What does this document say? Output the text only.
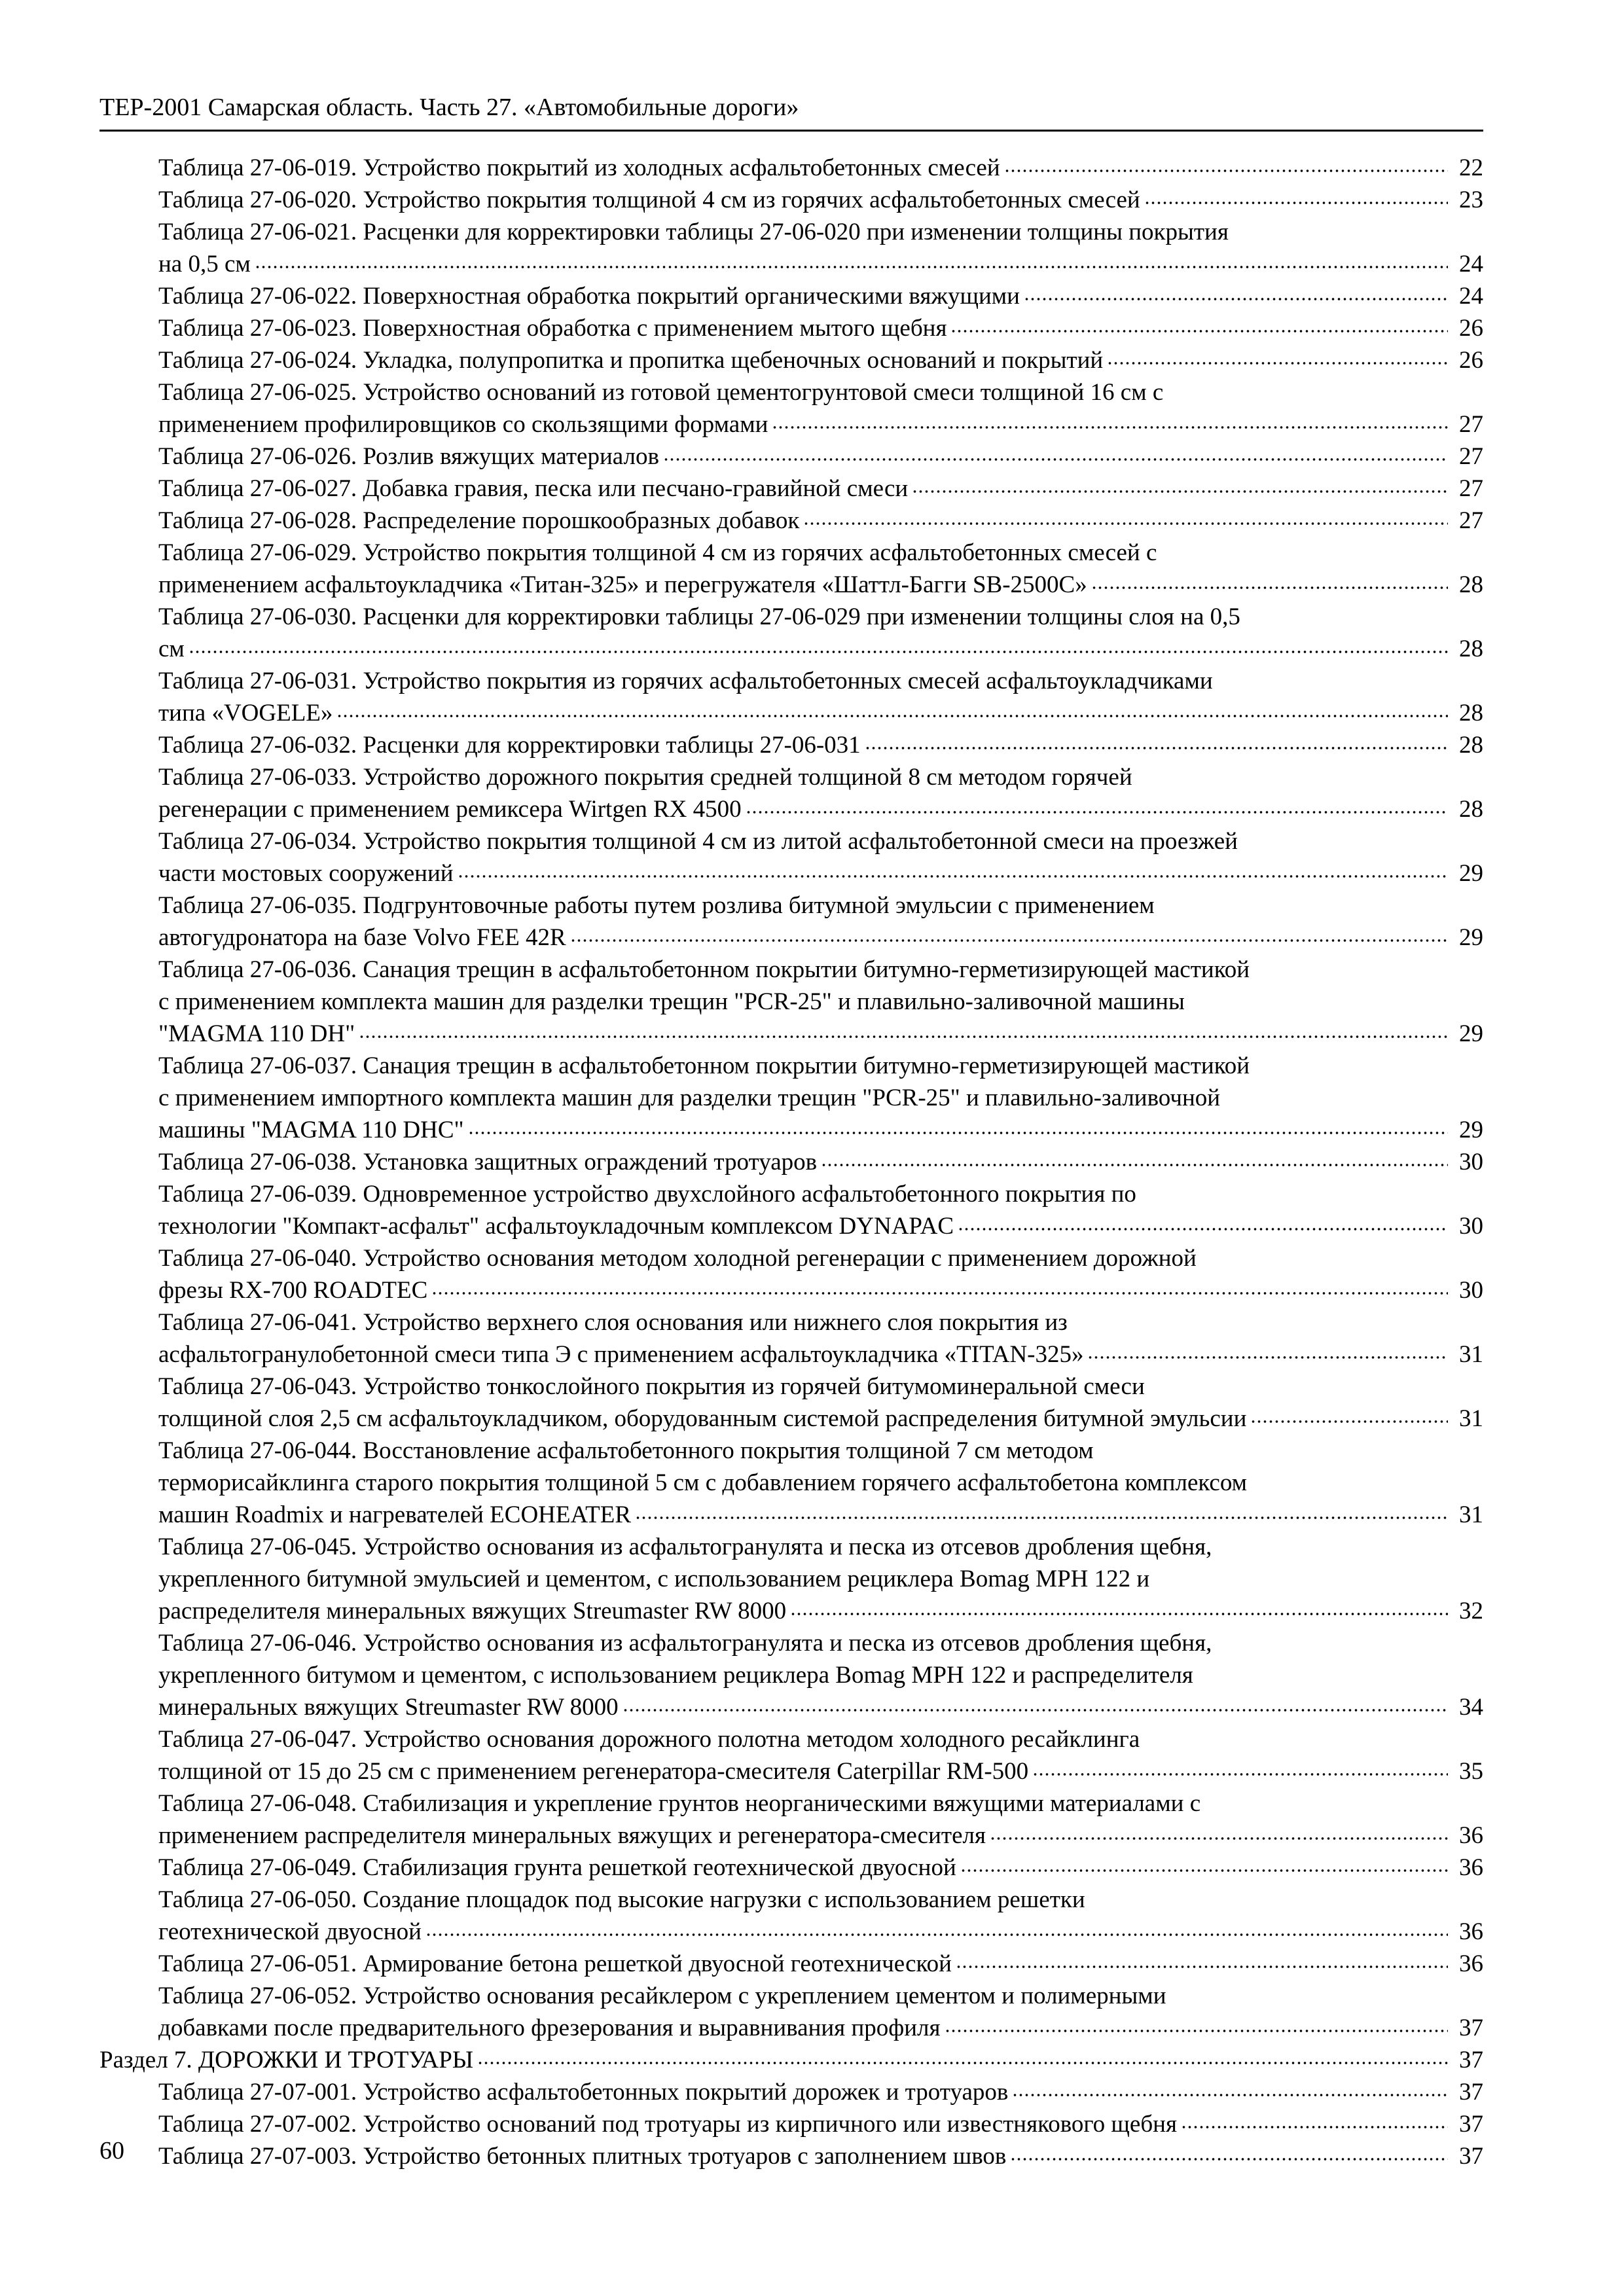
ТЕР-2001 Самарская область. Часть 27. «Автомобильные дороги»
Таблица 27-06-019. Устройство покрытий из холодных асфальтобетонных смесей	22
Таблица 27-06-020. Устройство покрытия толщиной 4 см из горячих асфальтобетонных смесей	23
Таблица 27-06-021. Расценки для корректировки таблицы 27-06-020 при изменении толщины покрытия
на 0,5 см	24
Таблица 27-06-022. Поверхностная обработка покрытий органическими вяжущими	24
Таблица 27-06-023. Поверхностная обработка с применением мытого щебня	26
Таблица 27-06-024. Укладка, полупропитка и пропитка щебеночных оснований и покрытий	26
Таблица 27-06-025. Устройство оснований из готовой цементогрунтовой смеси толщиной 16 см с
применением профилировщиков со скользящими формами	27
Таблица 27-06-026. Розлив вяжущих материалов	27
Таблица 27-06-027. Добавка гравия, песка или песчано-гравийной смеси	27
Таблица 27-06-028. Распределение порошкообразных добавок	27
Таблица 27-06-029. Устройство покрытия толщиной 4 см из горячих асфальтобетонных смесей с
применением асфальтоукладчика «Титан-325» и перегружателя «Шаттл-Багги SB-2500C»	28
Таблица 27-06-030. Расценки для корректировки таблицы 27-06-029 при изменении толщины слоя на 0,5
см	28
Таблица 27-06-031. Устройство покрытия из горячих асфальтобетонных смесей асфальтоукладчиками
типа «VOGELE»	28
Таблица 27-06-032. Расценки для корректировки таблицы 27-06-031	28
Таблица 27-06-033. Устройство дорожного покрытия средней толщиной 8 см методом горячей
регенерации с применением ремиксера Wirtgen RX 4500	28
Таблица 27-06-034. Устройство покрытия толщиной 4 см из литой асфальтобетонной смеси на проезжей
части мостовых сооружений	29
Таблица 27-06-035. Подгрунтовочные работы путем розлива битумной эмульсии с применением
автогудронатора на базе Volvo FEE 42R	29
Таблица 27-06-036. Санация трещин в асфальтобетонном покрытии битумно-герметизирующей мастикой
с применением комплекта машин для разделки трещин "PCR-25" и плавильно-заливочной машины
"MAGMA 110 DH"	29
Таблица 27-06-037. Санация трещин в асфальтобетонном покрытии битумно-герметизирующей мастикой
с применением импортного комплекта машин для разделки трещин "PCR-25" и плавильно-заливочной
машины "MAGMA 110 DHC"	29
Таблица 27-06-038. Установка защитных ограждений тротуаров	30
Таблица 27-06-039. Одновременное устройство двухслойного асфальтобетонного покрытия по
технологии "Компакт-асфальт" асфальтоукладочным комплексом DYNAPAC	30
Таблица 27-06-040. Устройство основания методом холодной регенерации с применением дорожной
фрезы RX-700 ROADTEC	30
Таблица 27-06-041. Устройство верхнего слоя основания или нижнего слоя покрытия из
асфальтогранулобетонной смеси типа Э с применением асфальтоукладчика «TITAN-325»	31
Таблица 27-06-043. Устройство тонкослойного покрытия из горячей битумоминеральной смеси
толщиной слоя 2,5 см асфальтоукладчиком, оборудованным системой распределения битумной эмульсии	31
Таблица 27-06-044. Восстановление асфальтобетонного покрытия толщиной 7 см методом
терморисайклинга старого покрытия толщиной 5 см с добавлением горячего асфальтобетона комплексом
машин Roadmix и нагревателей ECOHEATER	31
Таблица 27-06-045. Устройство основания из асфальтогранулята и песка из отсевов дробления щебня,
укрепленного битумной эмульсией и цементом, с использованием рециклера Bomag MPH 122 и
распределителя минеральных вяжущих Streumaster RW 8000	32
Таблица 27-06-046. Устройство основания из асфальтогранулята и песка из отсевов дробления щебня,
укрепленного битумом и цементом, с использованием рециклера Bomag MPH 122 и распределителя
минеральных вяжущих Streumaster RW 8000	34
Таблица 27-06-047. Устройство основания дорожного полотна методом холодного ресайклинга
толщиной от 15 до 25 см с применением регенератора-смесителя Caterpillar RM-500	35
Таблица 27-06-048. Стабилизация и укрепление грунтов неорганическими вяжущими материалами с
применением распределителя минеральных вяжущих и регенератора-смесителя	36
Таблица 27-06-049. Стабилизация грунта решеткой геотехнической двуосной	36
Таблица 27-06-050. Создание площадок под высокие нагрузки с использованием решетки
геотехнической двуосной	36
Таблица 27-06-051. Армирование бетона решеткой двуосной геотехнической	36
Таблица 27-06-052. Устройство основания ресайклером с укреплением цементом и полимерными
добавками после предварительного фрезерования и выравнивания профиля	37
Раздел 7. ДОРОЖКИ И ТРОТУАРЫ	37
Таблица 27-07-001. Устройство асфальтобетонных покрытий дорожек и тротуаров	37
Таблица 27-07-002. Устройство оснований под тротуары из кирпичного или известнякового щебня	37
Таблица 27-07-003. Устройство бетонных плитных тротуаров с заполнением швов	37
60
